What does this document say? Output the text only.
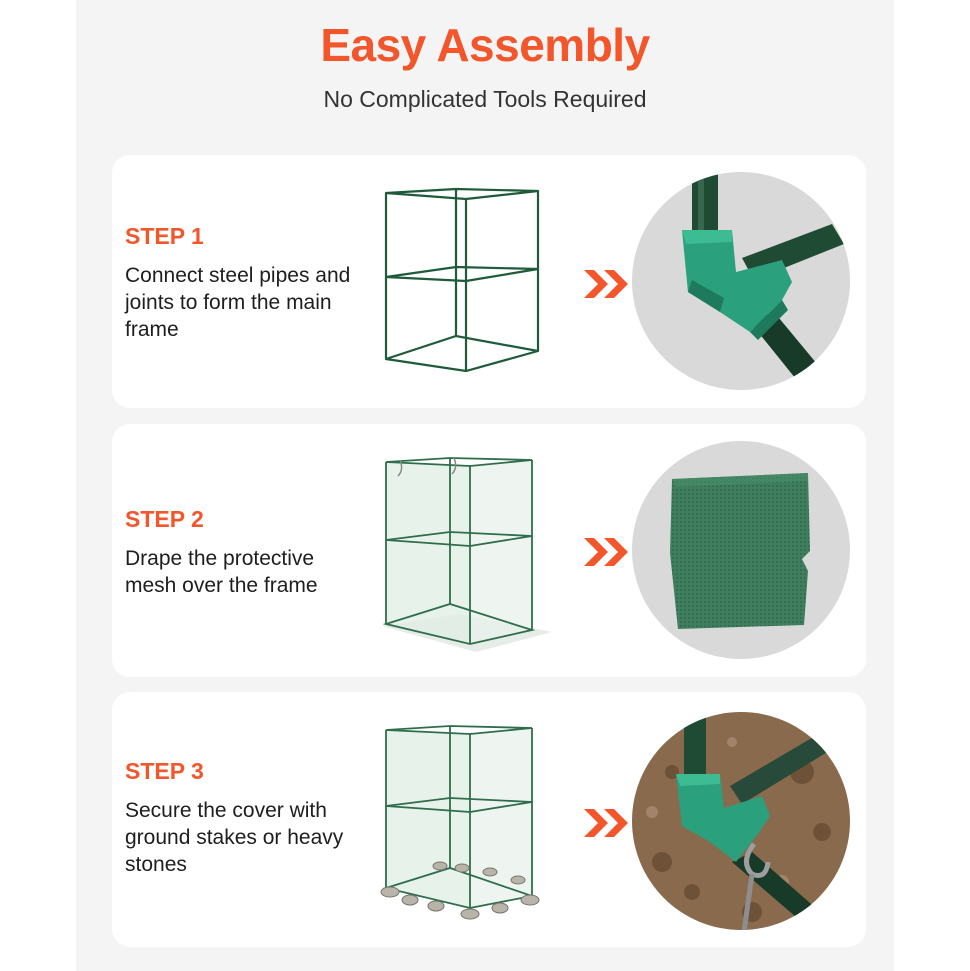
Easy Assembly

No Complicated Tools Required

STEP 1

Connect steel pipes and joints to form the main frame

STEP 2

Drape the protective mesh over the frame

STEP 3

Secure the cover with ground stakes or heavy stones
